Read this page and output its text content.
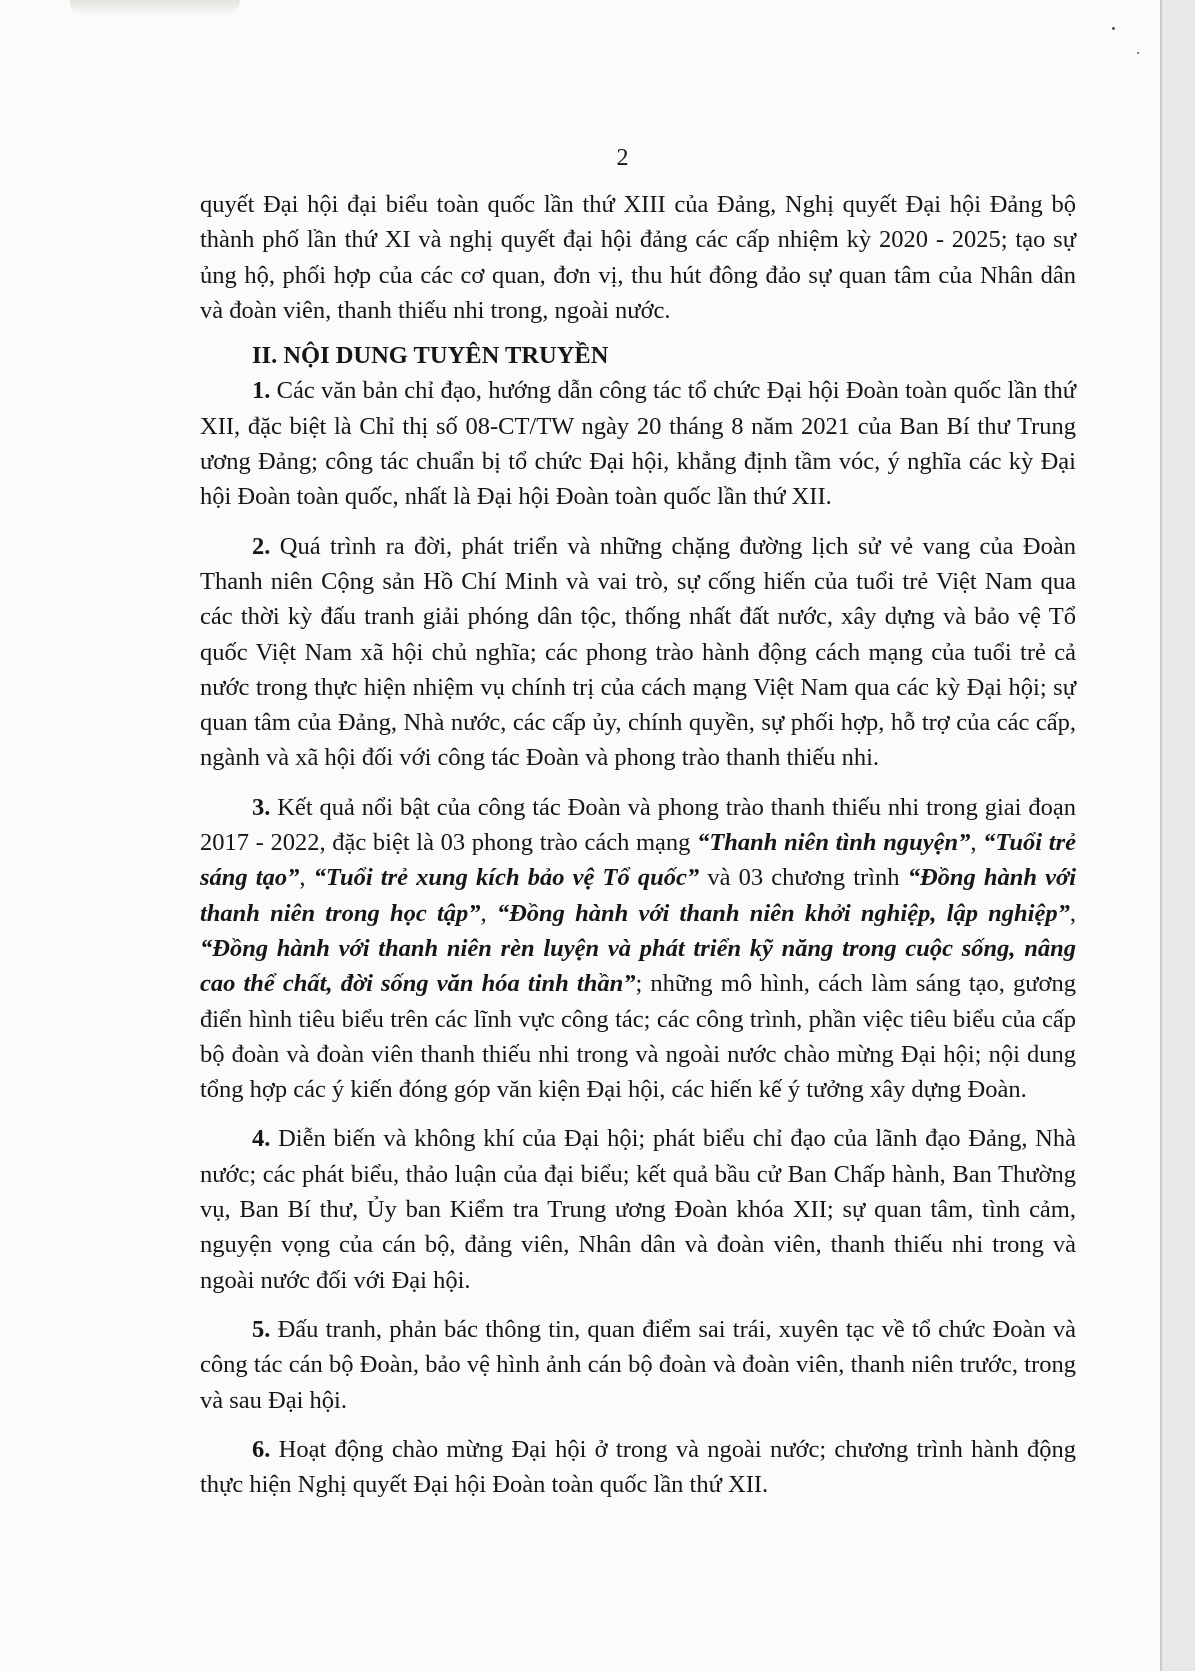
2

quyết Đại hội đại biểu toàn quốc lần thứ XIII của Đảng, Nghị quyết Đại hội Đảng bộ thành phố lần thứ XI và nghị quyết đại hội đảng các cấp nhiệm kỳ 2020 - 2025; tạo sự ủng hộ, phối hợp của các cơ quan, đơn vị, thu hút đông đảo sự quan tâm của Nhân dân và đoàn viên, thanh thiếu nhi trong, ngoài nước.

II. NỘI DUNG TUYÊN TRUYỀN

1. Các văn bản chỉ đạo, hướng dẫn công tác tổ chức Đại hội Đoàn toàn quốc lần thứ XII, đặc biệt là Chỉ thị số 08-CT/TW ngày 20 tháng 8 năm 2021 của Ban Bí thư Trung ương Đảng; công tác chuẩn bị tổ chức Đại hội, khẳng định tầm vóc, ý nghĩa các kỳ Đại hội Đoàn toàn quốc, nhất là Đại hội Đoàn toàn quốc lần thứ XII.

2. Quá trình ra đời, phát triển và những chặng đường lịch sử vẻ vang của Đoàn Thanh niên Cộng sản Hồ Chí Minh và vai trò, sự cống hiến của tuổi trẻ Việt Nam qua các thời kỳ đấu tranh giải phóng dân tộc, thống nhất đất nước, xây dựng và bảo vệ Tổ quốc Việt Nam xã hội chủ nghĩa; các phong trào hành động cách mạng của tuổi trẻ cả nước trong thực hiện nhiệm vụ chính trị của cách mạng Việt Nam qua các kỳ Đại hội; sự quan tâm của Đảng, Nhà nước, các cấp ủy, chính quyền, sự phối hợp, hỗ trợ của các cấp, ngành và xã hội đối với công tác Đoàn và phong trào thanh thiếu nhi.

3. Kết quả nổi bật của công tác Đoàn và phong trào thanh thiếu nhi trong giai đoạn 2017 - 2022, đặc biệt là 03 phong trào cách mạng “Thanh niên tình nguyện”, “Tuổi trẻ sáng tạo”, “Tuổi trẻ xung kích bảo vệ Tổ quốc” và 03 chương trình “Đồng hành với thanh niên trong học tập”, “Đồng hành với thanh niên khởi nghiệp, lập nghiệp”, “Đồng hành với thanh niên rèn luyện và phát triển kỹ năng trong cuộc sống, nâng cao thể chất, đời sống văn hóa tinh thần”; những mô hình, cách làm sáng tạo, gương điển hình tiêu biểu trên các lĩnh vực công tác; các công trình, phần việc tiêu biểu của cấp bộ đoàn và đoàn viên thanh thiếu nhi trong và ngoài nước chào mừng Đại hội; nội dung tổng hợp các ý kiến đóng góp văn kiện Đại hội, các hiến kế ý tưởng xây dựng Đoàn.

4. Diễn biến và không khí của Đại hội; phát biểu chỉ đạo của lãnh đạo Đảng, Nhà nước; các phát biểu, thảo luận của đại biểu; kết quả bầu cử Ban Chấp hành, Ban Thường vụ, Ban Bí thư, Ủy ban Kiểm tra Trung ương Đoàn khóa XII; sự quan tâm, tình cảm, nguyện vọng của cán bộ, đảng viên, Nhân dân và đoàn viên, thanh thiếu nhi trong và ngoài nước đối với Đại hội.

5. Đấu tranh, phản bác thông tin, quan điểm sai trái, xuyên tạc về tổ chức Đoàn và công tác cán bộ Đoàn, bảo vệ hình ảnh cán bộ đoàn và đoàn viên, thanh niên trước, trong và sau Đại hội.

6. Hoạt động chào mừng Đại hội ở trong và ngoài nước; chương trình hành động thực hiện Nghị quyết Đại hội Đoàn toàn quốc lần thứ XII.
